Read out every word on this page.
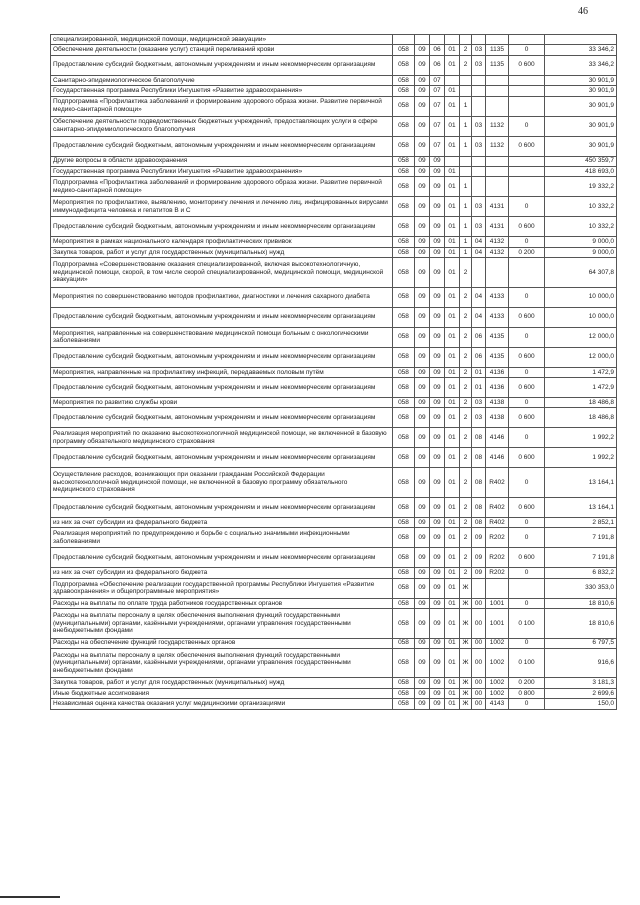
46
специализированной, медицинской помощи, медицинской эвакуации»									
Обеспечение деятельности (оказание услуг) станций переливаний крови	058	09	06	01	2	03	1135	0	33 346,2
Предоставление субсидий бюджетным, автономным учреждениям и иным некоммерческим организациям	058	09	06	01	2	03	1135	0 600	33 346,2
Санитарно-эпидемиологическое благополучие	058	09	07						30 901,9
Государственная программа Республики Ингушетия «Развитие здравоохранения»	058	09	07	01					30 901,9
Подпрограмма «Профилактика заболеваний и формирование здорового образа жизни. Развитие первичной медико-санитарной помощи»	058	09	07	01	1				30 901,9
Обеспечение деятельности подведомственных бюджетных учреждений, предоставляющих услуги в сфере санитарно-эпидемиологического благополучия	058	09	07	01	1	03	1132	0	30 901,9
Предоставление субсидий бюджетным, автономным учреждениям и иным некоммерческим организациям	058	09	07	01	1	03	1132	0 600	30 901,9
Другие вопросы в области здравоохранения	058	09	09						450 359,7
Государственная программа Республики Ингушетия «Развитие здравоохранения»	058	09	09	01					418 693,0
Подпрограмма «Профилактика заболеваний и формирование здорового образа жизни. Развитие первичной медико-санитарной помощи»	058	09	09	01	1				19 332,2
Мероприятия по профилактике, выявлению, мониторингу лечения и лечению лиц, инфицированных вирусами иммунодефицита человека и гепатитов В и С	058	09	09	01	1	03	4131	0	10 332,2
Предоставление субсидий бюджетным, автономным учреждениям и иным некоммерческим организациям	058	09	09	01	1	03	4131	0 600	10 332,2
Мероприятия в рамках национального календаря профилактических прививок	058	09	09	01	1	04	4132	0	9 000,0
Закупка товаров, работ и услуг для государственных (муниципальных) нужд	058	09	09	01	1	04	4132	0 200	9 000,0
Подпрограмма «Совершенствование оказания специализированной, включая высокотехнологичную, медицинской помощи, скорой, в том числе скорой специализированной, медицинской помощи, медицинской эвакуации»	058	09	09	01	2				64 307,8
Мероприятия по совершенствованию методов профилактики, диагностики и лечения сахарного диабета	058	09	09	01	2	04	4133	0	10 000,0
Предоставление субсидий бюджетным, автономным учреждениям и иным некоммерческим организациям	058	09	09	01	2	04	4133	0 600	10 000,0
Мероприятия, направленные на совершенствование медицинской помощи больным с онкологическими заболеваниями	058	09	09	01	2	06	4135	0	12 000,0
Предоставление субсидий бюджетным, автономным учреждениям и иным некоммерческим организациям	058	09	09	01	2	06	4135	0 600	12 000,0
Мероприятия, направленные на профилактику инфекций, передаваемых половым путём	058	09	09	01	2	01	4136	0	1 472,9
Предоставление субсидий бюджетным, автономным учреждениям и иным некоммерческим организациям	058	09	09	01	2	01	4136	0 600	1 472,9
Мероприятия по развитию службы крови	058	09	09	01	2	03	4138	0	18 486,8
Предоставление субсидий бюджетным, автономным учреждениям и иным некоммерческим организациям	058	09	09	01	2	03	4138	0 600	18 486,8
Реализация мероприятий по оказанию высокотехнологичной медицинской помощи, не включенной в базовую программу обязательного медицинского страхования	058	09	09	01	2	08	4146	0	1 992,2
Предоставление субсидий бюджетным, автономным учреждениям и иным некоммерческим организациям	058	09	09	01	2	08	4146	0 600	1 992,2
Осуществление расходов, возникающих при оказании гражданам Российской Федерации высокотехнологичной медицинской помощи, не включенной в базовую программу обязательного медицинского страхования	058	09	09	01	2	08	R402	0	13 164,1
Предоставление субсидий бюджетным, автономным учреждениям и иным некоммерческим организациям	058	09	09	01	2	08	R402	0 600	13 164,1
из них за счет субсидии из федерального бюджета	058	09	09	01	2	08	R402	0	2 852,1
Реализация мероприятий по предупреждению и борьбе с социально значимыми инфекционными заболеваниями	058	09	09	01	2	09	R202	0	7 191,8
Предоставление субсидий бюджетным, автономным учреждениям и иным некоммерческим организациям	058	09	09	01	2	09	R202	0 600	7 191,8
из них за счет субсидии из федерального бюджета	058	09	09	01	2	09	R202	0	6 832,2
Подпрограмма «Обеспечение реализации государственной программы Республики Ингушетия «Развитие здравоохранения» и общепрограммные мероприятия»	058	09	09	01	Ж				330 353,0
Расходы на выплаты по оплате труда работников государственных органов	058	09	09	01	Ж	00	1001	0	18 810,6
Расходы на выплаты персоналу в целях обеспечения выполнения функций государственными (муниципальными) органами, казёнными учреждениями, органами управления государственными внебюджетными фондами	058	09	09	01	Ж	00	1001	0 100	18 810,6
Расходы на обеспечение функций государственных органов	058	09	09	01	Ж	00	1002	0	6 797,5
Расходы на выплаты персоналу в целях обеспечения выполнения функций государственными (муниципальными) органами, казёнными учреждениями, органами управления государственными внебюджетными фондами	058	09	09	01	Ж	00	1002	0 100	916,6
Закупка товаров, работ и услуг для государственных (муниципальных) нужд	058	09	09	01	Ж	00	1002	0 200	3 181,3
Иные бюджетные ассигнования	058	09	09	01	Ж	00	1002	0 800	2 699,6
Независимая оценка качества оказания услуг медицинскими организациями	058	09	09	01	Ж	00	4143	0	150,0
